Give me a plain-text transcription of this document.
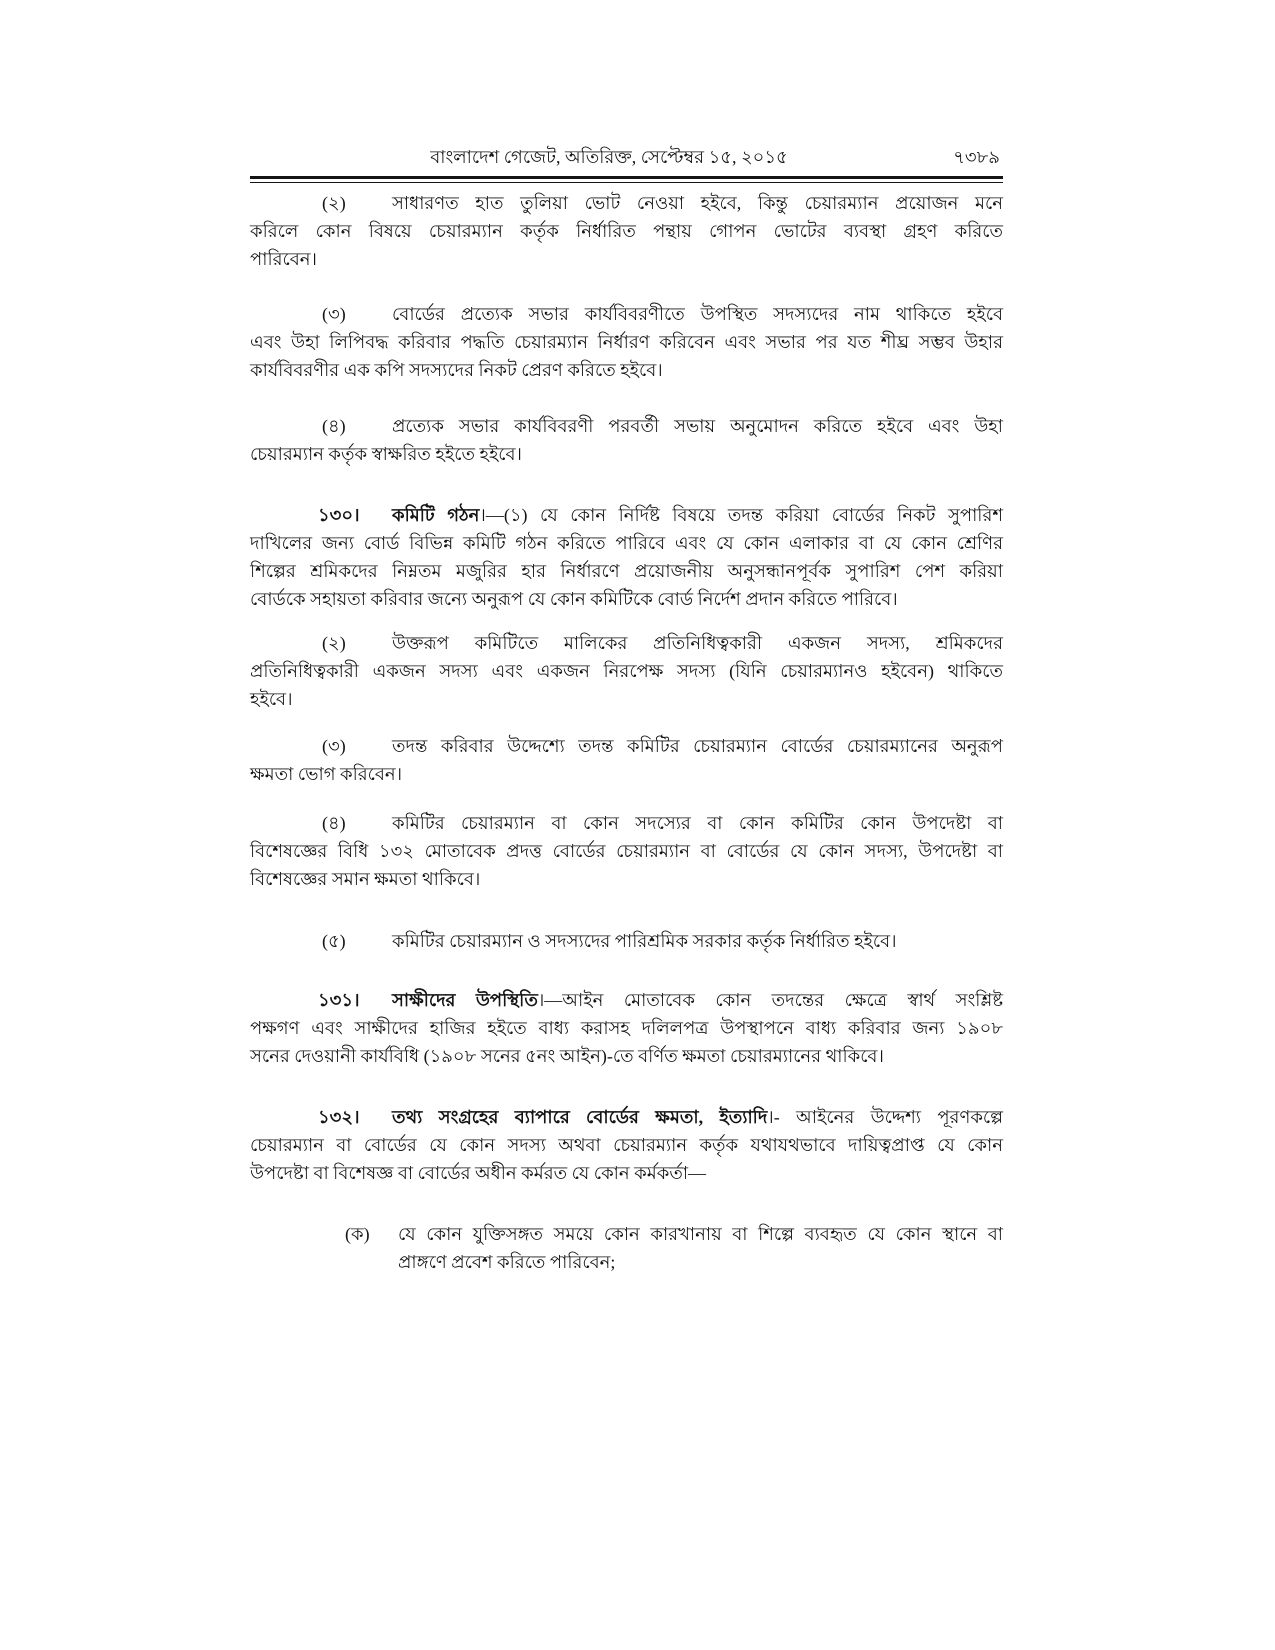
বাংলাদেশ গেজেট, অতিরিক্ত, সেপ্টেম্বর ১৫, ২০১৫	৭৩৮৯
(২)	সাধারণত হাত তুলিয়া ভোট নেওয়া হইবে, কিন্তু চেয়ারম্যান প্রয়োজন মনে
করিলে কোন বিষয়ে চেয়ারম্যান কর্তৃক নির্ধারিত পন্থায় গোপন ভোটের ব্যবস্থা গ্রহণ করিতে
পারিবেন।
(৩)	বোর্ডের প্রত্যেক সভার কার্যবিবরণীতে উপস্থিত সদস্যদের নাম থাকিতে হইবে
এবং উহা লিপিবদ্ধ করিবার পদ্ধতি চেয়ারম্যান নির্ধারণ করিবেন এবং সভার পর যত শীঘ্র সম্ভব উহার
কার্যবিবরণীর এক কপি সদস্যদের নিকট প্রেরণ করিতে হইবে।
(৪)	প্রত্যেক সভার কার্যবিবরণী পরবর্তী সভায় অনুমোদন করিতে হইবে এবং উহা
চেয়ারম্যান কর্তৃক স্বাক্ষরিত হইতে হইবে।
১৩০।	কমিটি গঠন।—(১) যে কোন নির্দিষ্ট বিষয়ে তদন্ত করিয়া বোর্ডের নিকট সুপারিশ
দাখিলের জন্য বোর্ড বিভিন্ন কমিটি গঠন করিতে পারিবে এবং যে কোন এলাকার বা যে কোন শ্রেণির
শিল্পের শ্রমিকদের নিম্নতম মজুরির হার নির্ধারণে প্রয়োজনীয় অনুসন্ধানপূর্বক সুপারিশ পেশ করিয়া
বোর্ডকে সহায়তা করিবার জন্যে অনুরূপ যে কোন কমিটিকে বোর্ড নির্দেশ প্রদান করিতে পারিবে।
(২)	উক্তরূপ কমিটিতে মালিকের প্রতিনিধিত্বকারী একজন সদস্য, শ্রমিকদের
প্রতিনিধিত্বকারী একজন সদস্য এবং একজন নিরপেক্ষ সদস্য (যিনি চেয়ারম্যানও হইবেন) থাকিতে
হইবে।
(৩)	তদন্ত করিবার উদ্দেশ্যে তদন্ত কমিটির চেয়ারম্যান বোর্ডের চেয়ারম্যানের অনুরূপ
ক্ষমতা ভোগ করিবেন।
(৪)	কমিটির চেয়ারম্যান বা কোন সদস্যের বা কোন কমিটির কোন উপদেষ্টা বা
বিশেষজ্ঞের বিধি ১৩২ মোতাবেক প্রদত্ত বোর্ডের চেয়ারম্যান বা বোর্ডের যে কোন সদস্য, উপদেষ্টা বা
বিশেষজ্ঞের সমান ক্ষমতা থাকিবে।
(৫)	কমিটির চেয়ারম্যান ও সদস্যদের পারিশ্রমিক সরকার কর্তৃক নির্ধারিত হইবে।
১৩১।	সাক্ষীদের উপস্থিতি।—আইন মোতাবেক কোন তদন্তের ক্ষেত্রে স্বার্থ সংশ্লিষ্ট
পক্ষগণ এবং সাক্ষীদের হাজির হইতে বাধ্য করাসহ দলিলপত্র উপস্থাপনে বাধ্য করিবার জন্য ১৯০৮
সনের দেওয়ানী কার্যবিধি (১৯০৮ সনের ৫নং আইন)-তে বর্ণিত ক্ষমতা চেয়ারম্যানের থাকিবে।
১৩২।	তথ্য সংগ্রহের ব্যাপারে বোর্ডের ক্ষমতা, ইত্যাদি।- আইনের উদ্দেশ্য পূরণকল্পে
চেয়ারম্যান বা বোর্ডের যে কোন সদস্য অথবা চেয়ারম্যান কর্তৃক যথাযথভাবে দায়িত্বপ্রাপ্ত যে কোন
উপদেষ্টা বা বিশেষজ্ঞ বা বোর্ডের অধীন কর্মরত যে কোন কর্মকর্তা—
(ক)	যে কোন যুক্তিসঙ্গত সময়ে কোন কারখানায় বা শিল্পে ব্যবহৃত যে কোন স্থানে বা
প্রাঙ্গণে প্রবেশ করিতে পারিবেন;
